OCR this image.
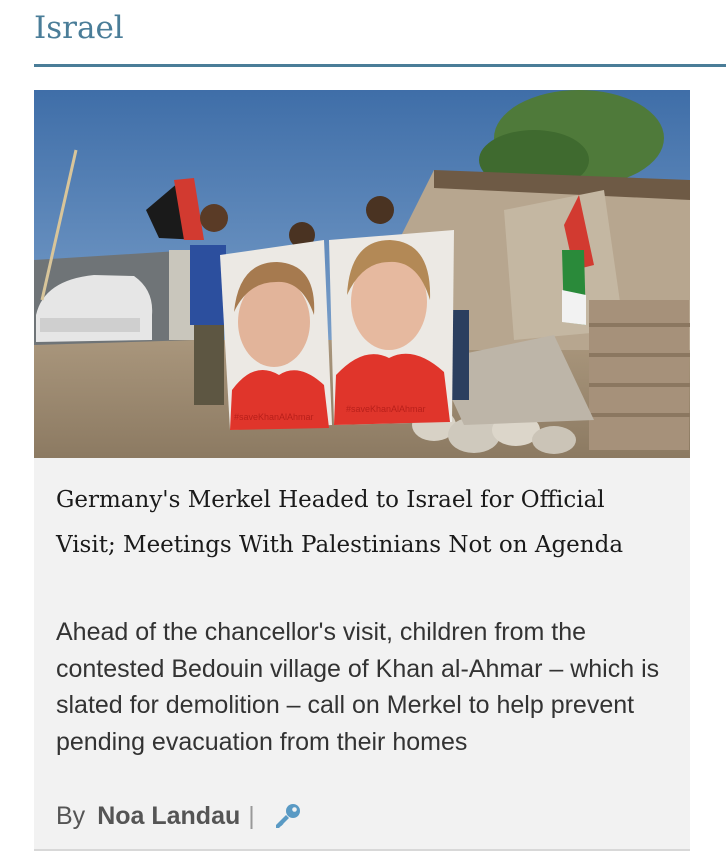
Israel
#saveKhanAlAhmar
#saveKhanAlAhmar
Germany's Merkel Headed to Israel for Official Visit; Meetings With Palestinians Not on Agenda

Ahead of the chancellor's visit, children from the contested Bedouin village of Khan al-Ahmar – which is slated for demolition – call on Merkel to help prevent pending evacuation from their homes

By Noa Landau |
